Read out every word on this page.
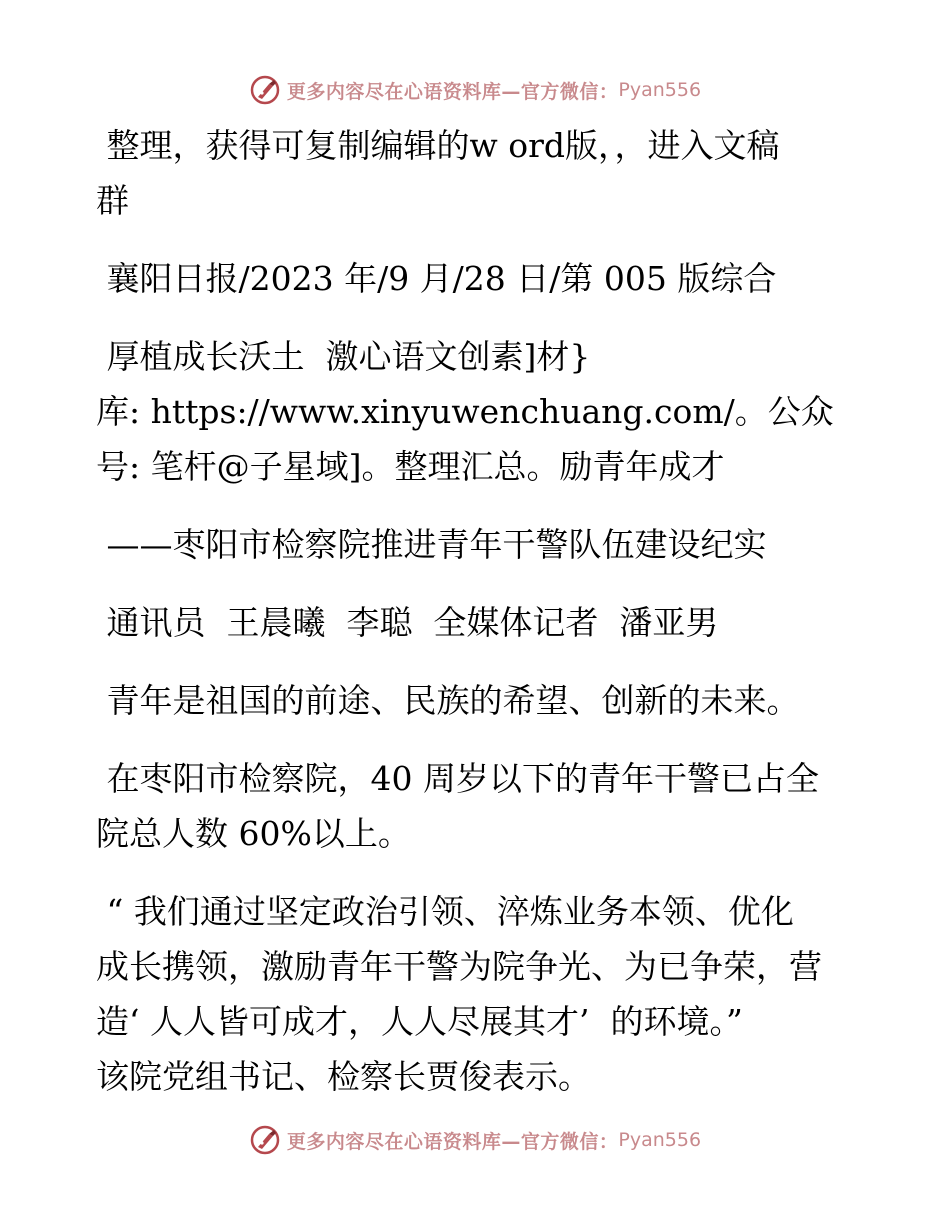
更多内容尽在心语资料库—官方微信： Pyan556

整理，获得可复制编辑的w ord版，，进入文稿

群

襄阳日报/2023 年/9 月/28 日/第 005 版综合

厚植成长沃土  激心语文创素]材}

库: https://www.xinyuwenchuang.com/。公众

号: 笔杆@子星域]。整理汇总。励青年成才

——枣阳市检察院推进青年干警队伍建设纪实

通讯员  王晨曦  李聪  全媒体记者  潘亚男

青年是祖国的前途、民族的希望、创新的未来。

在枣阳市检察院，40 周岁以下的青年干警已占全

院总人数 60%以上。

“ 我们通过坚定政治引领、淬炼业务本领、优化

成长携领，激励青年干警为院争光、为已争荣，营

造‘ 人人皆可成才，人人尽展其才’  的环境。”

该院党组书记、检察长贾俊表示。

更多内容尽在心语资料库—官方微信： Pyan556
